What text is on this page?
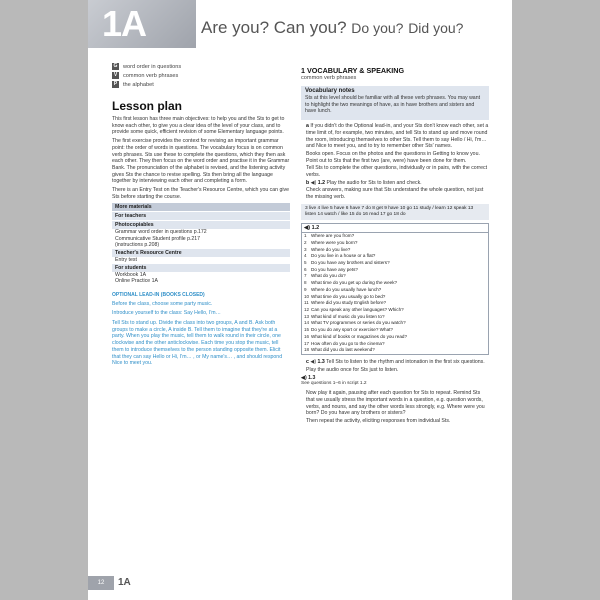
1A	Are you? Can you? Do you? Did you?
G word order in questions
V	common verb phrases
P	the alphabet
Lesson plan
This first lesson has three main objectives: to help you and the Sts to get to know each other, to give you a clear idea of the level of your class, and to provide some quick, efficient revision of some Elementary language points.
The first exercise provides the context for revising an important grammar point: the order of words in questions. The vocabulary focus is on common verb phrases. Sts use these to complete the questions, which they then ask each other. They then focus on the word order and practise it in the Grammar Bank. The pronunciation of the alphabet is revised, and the listening activity gives Sts the chance to revise spelling. Sts then bring all the language together by interviewing each other and completing a form.
There is an Entry Test on the Teacher's Resource Centre, which you can give Sts before starting the course.
More materials
For teachers
Photocopiables
Grammar word order in questions p.172
Communicative Student profile p.217
(instructions p.208)
Teacher's Resource Centre
Entry test
For students
Workbook 1A
Online Practice 1A
OPTIONAL LEAD-IN (BOOKS CLOSED)
Before the class, choose some party music.
Introduce yourself to the class: Say Hello, I'm…
Tell Sts to stand up. Divide the class into two groups, A and B. Ask both groups to make a circle, A inside B. Tell them to imagine that they're at a party. When you play the music, tell them to walk round in their circle, one clockwise and the other anticlockwise. Each time you stop the music, tell them to introduce themselves to the person standing opposite them. Elicit that they can say Hello or Hi, I'm… , or My name's… , and should respond Nice to meet you.
1 VOCABULARY & SPEAKING
common verb phrases
Vocabulary notes
Sts at this level should be familiar with all these verb phrases. You may want to highlight the two meanings of have, as in have brothers and sisters and have lunch.
a If you didn't do the Optional lead-in, and your Sts don't know each other, set a time limit of, for example, two minutes, and tell Sts to stand up and move round the room, introducing themselves to other Sts. Tell them to say Hello / Hi, I'm… and Nice to meet you, and to try to remember other Sts' names.
Books open. Focus on the photos and the questions in Getting to know you. Point out to Sts that the first two (are, were) have been done for them.
Tell Sts to complete the other questions, individually or in pairs, with the correct verbs.
b ◀) 1.2 Play the audio for Sts to listen and check.
Check answers, making sure that Sts understand the whole question, not just the missing verb.
3 live 4 live 5 have 6 have 7 do 8 get 9 have 10 go 11 study / learn 12 speak 13 listen 14 watch / like 15 do 16 read 17 go 18 do
◀) 1.2
1 Where are you from?
2 Where were you born?
3 Where do you live?
4 Do you live in a house or a flat?
5 Do you have any brothers and sisters?
6 Do you have any pets?
7 What do you do?
8 What time do you get up during the week?
9 Where do you usually have lunch?
10 What time do you usually go to bed?
11 Where did you study English before?
12 Can you speak any other languages? Which?
13 What kind of music do you listen to?
14 What TV programmes or series do you watch?
15 Do you do any sport or exercise? What?
16 What kind of books or magazines do you read?
17 How often do you go to the cinema?
18 What did you do last weekend?
c ◀) 1.3 Tell Sts to listen to the rhythm and intonation in the first six questions.
Play the audio once for Sts just to listen.
◀) 1.3
See questions 1–6 in script 1.2
Now play it again, pausing after each question for Sts to repeat. Remind Sts that we usually stress the important words in a question, e.g. question words, verbs, and nouns, and say the other words less strongly, e.g. Where were you born? Do you have any brothers or sisters?
Then repeat the activity, eliciting responses from individual Sts.
12	1A
